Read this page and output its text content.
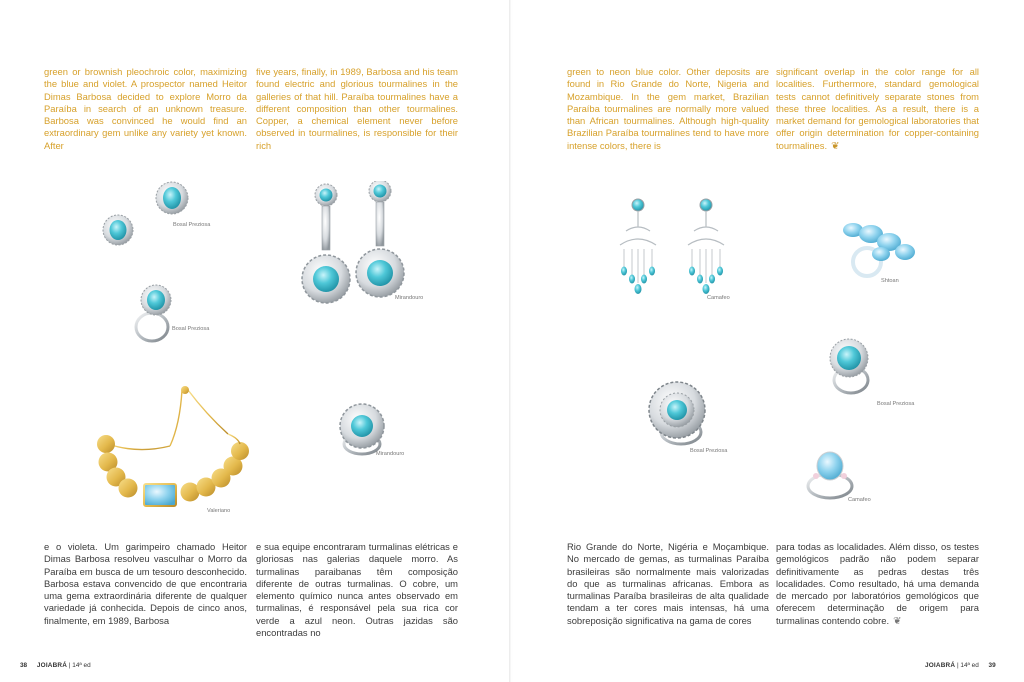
green or brownish pleochroic color, maximizing the blue and violet. A prospector named Heitor Dimas Barbosa decided to explore Morro da Paraíba in search of an unknown treasure. Barbosa was convinced he would find an extraordinary gem unlike any variety yet known. After

five years, finally, in 1989, Barbosa and his team found electric and glorious tourmalines in the galleries of that hill. Paraíba tourmalines have a different composition than other tourmalines. Copper, a chemical element never before observed in tourmalines, is responsible for their rich

Bosal Preziosa
Bosal Preziosa
Mirandouro
Valeriano
Mirandouro

e o violeta. Um garimpeiro chamado Heitor Dimas Barbosa resolveu vasculhar o Morro da Paraíba em busca de um tesouro desconhecido. Barbosa estava convencido de que encontraria uma gema extraordinária diferente de qualquer variedade já conhecida. Depois de cinco anos, finalmente, em 1989, Barbosa

e sua equipe encontraram turmalinas elétricas e gloriosas nas galerias daquele morro. As turmalinas paraibanas têm composição diferente de outras turmalinas. O cobre, um elemento químico nunca antes observado em turmalinas, é responsável pela sua rica cor verde a azul neon. Outras jazidas são encontradas no

38 JOIABRÁ | 14ª ed

green to neon blue color. Other deposits are found in Rio Grande do Norte, Nigeria and Mozambique. In the gem market, Brazilian Paraíba tourmalines are normally more valued than African tourmalines. Although high-quality Brazilian Paraíba tourmalines tend to have more intense colors, there is

significant overlap in the color range for all localities. Furthermore, standard gemological tests cannot definitively separate stones from these three localities. As a result, there is a market demand for gemological laboratories that offer origin determination for copper-containing tourmalines. ❦

Camafeo
Shtoan
Bosal Preziosa
Bosal Preziosa
Camafeo

Rio Grande do Norte, Nigéria e Moçambique. No mercado de gemas, as turmalinas Paraíba brasileiras são normalmente mais valorizadas do que as turmalinas africanas. Embora as turmalinas Paraíba brasileiras de alta qualidade tendam a ter cores mais intensas, há uma sobreposição significativa na gama de cores

para todas as localidades. Além disso, os testes gemológicos padrão não podem separar definitivamente as pedras destas três localidades. Como resultado, há uma demanda de mercado por laboratórios gemológicos que oferecem determinação de origem para turmalinas contendo cobre. ❦

JOIABRÁ | 14ª ed 39
